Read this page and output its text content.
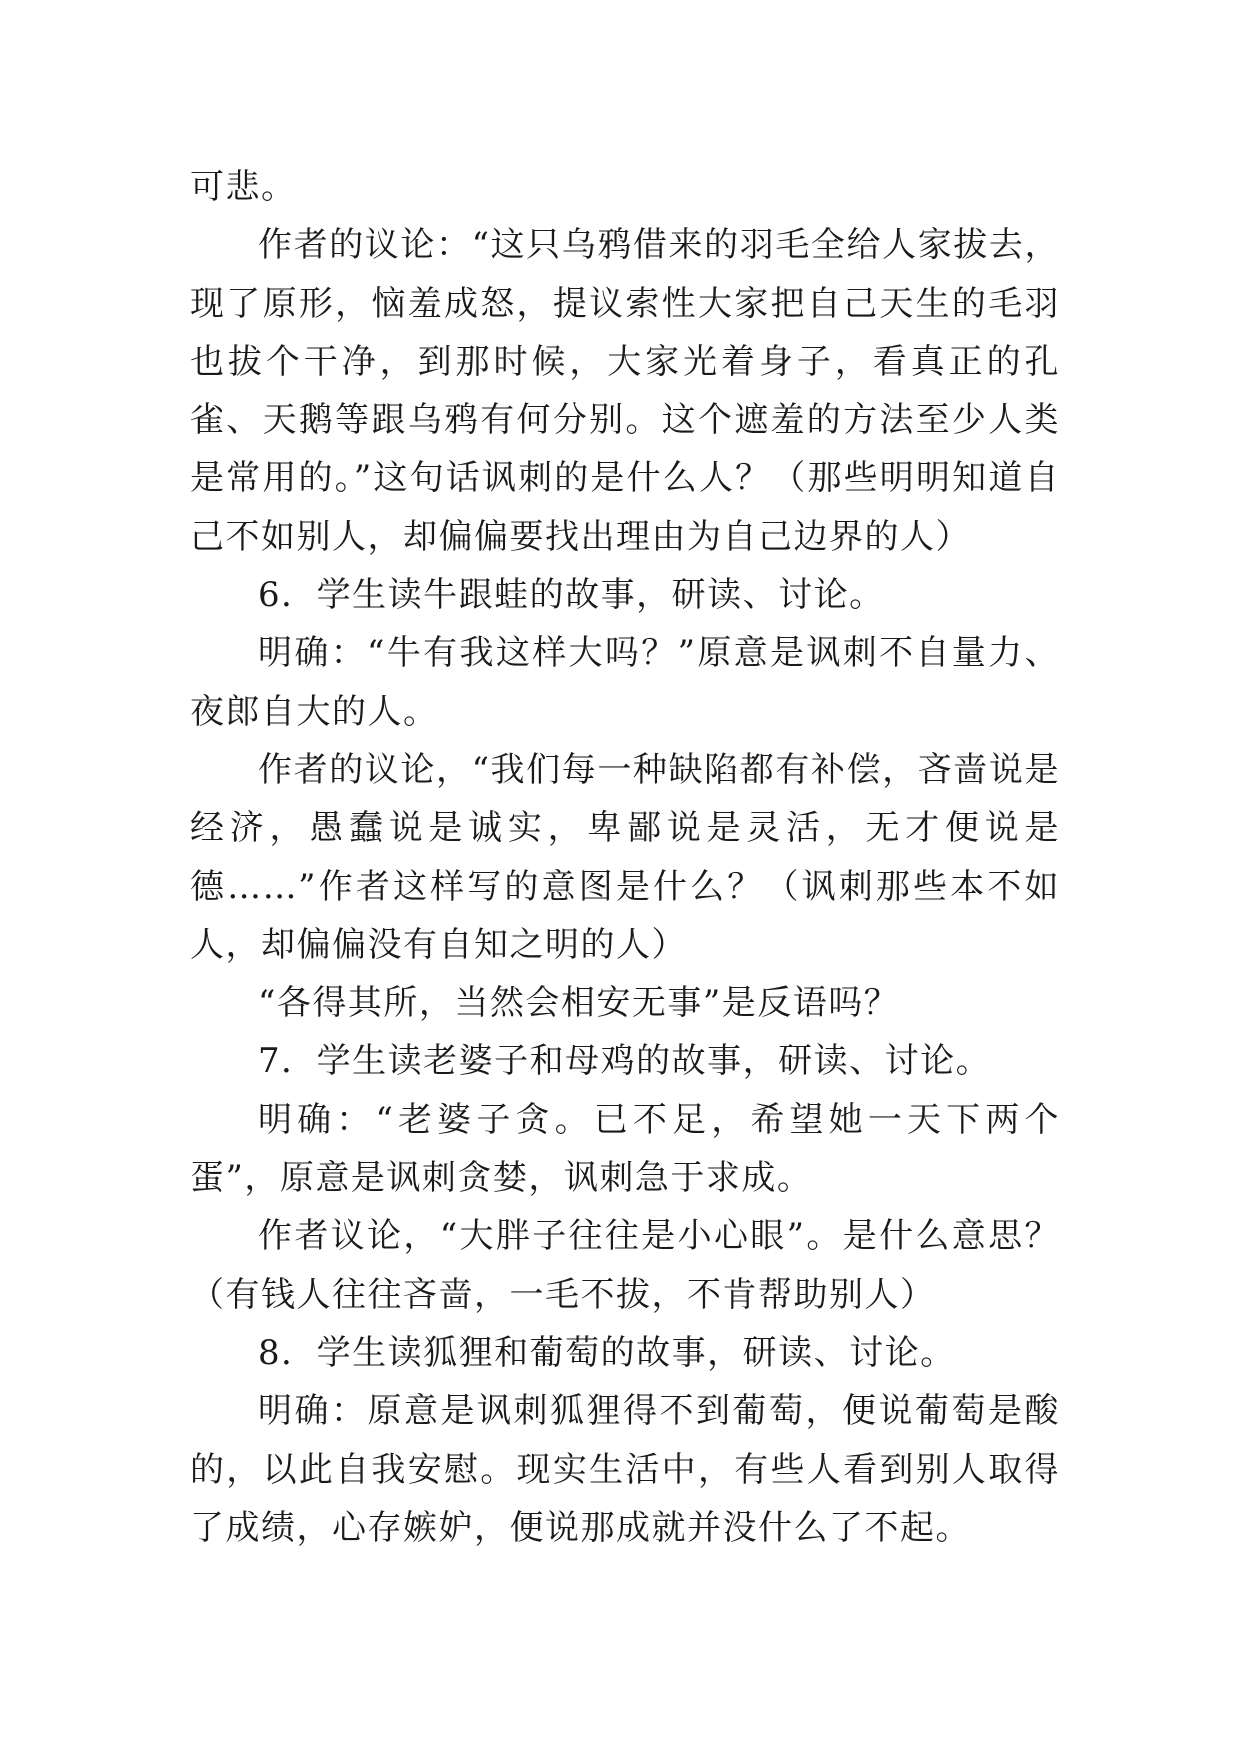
可悲。

作者的议论：“这只乌鸦借来的羽毛全给人家拔去，现了原形，恼羞成怒，提议索性大家把自己天生的毛羽也拔个干净，到那时候，大家光着身子，看真正的孔雀、天鹅等跟乌鸦有何分别。这个遮羞的方法至少人类是常用的。”这句话讽刺的是什么人？（那些明明知道自己不如别人，却偏偏要找出理由为自己边界的人）

6．学生读牛跟蛙的故事，研读、讨论。

明确：“牛有我这样大吗？”原意是讽刺不自量力、夜郎自大的人。

作者的议论，“我们每一种缺陷都有补偿，吝啬说是经济，愚蠢说是诚实，卑鄙说是灵活，无才便说是德……”作者这样写的意图是什么？（讽刺那些本不如人，却偏偏没有自知之明的人）

“各得其所，当然会相安无事”是反语吗？

7．学生读老婆子和母鸡的故事，研读、讨论。

明确：“老婆子贪。已不足，希望她一天下两个蛋”，原意是讽刺贪婪，讽刺急于求成。

作者议论，“大胖子往往是小心眼”。是什么意思？（有钱人往往吝啬，一毛不拔，不肯帮助别人）

8．学生读狐狸和葡萄的故事，研读、讨论。

明确：原意是讽刺狐狸得不到葡萄，便说葡萄是酸的，以此自我安慰。现实生活中，有些人看到别人取得了成绩，心存嫉妒，便说那成就并没什么了不起。
